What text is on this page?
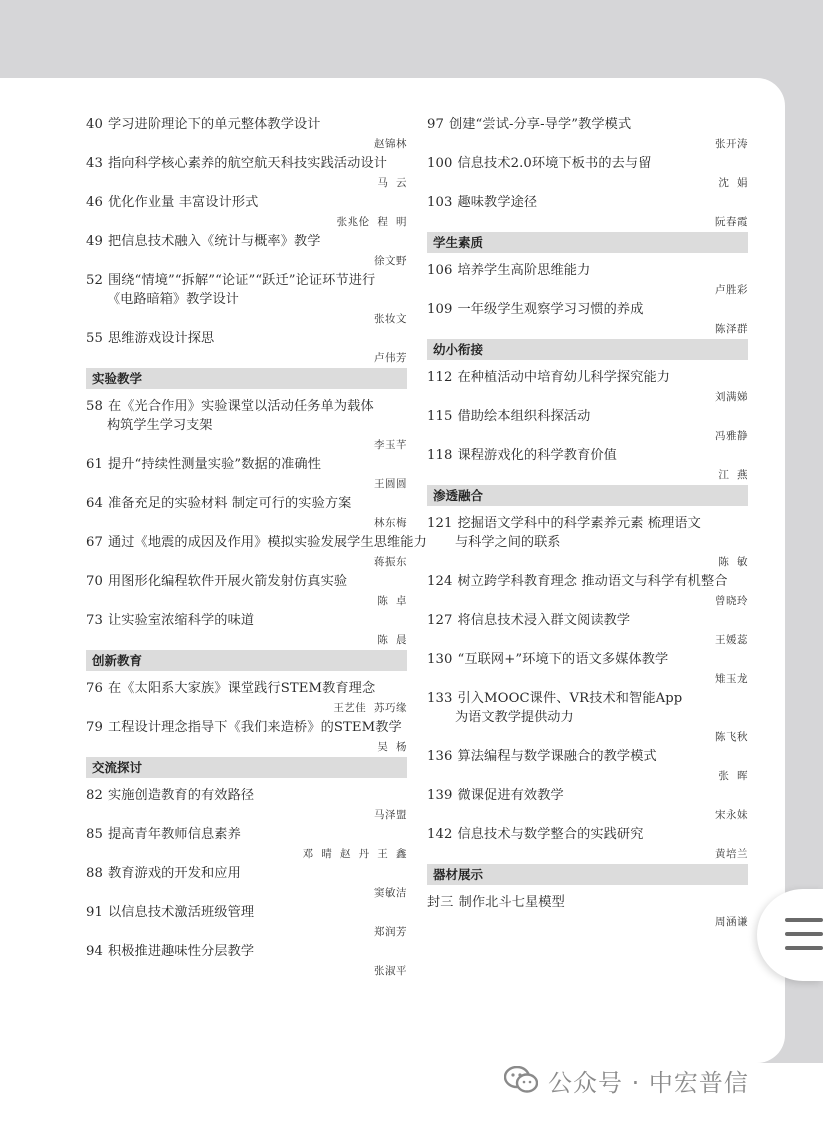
40 学习进阶理论下的单元整体教学设计
赵锦林
43 指向科学核心素养的航空航天科技实践活动设计
马  云
46 优化作业量 丰富设计形式
张兆伦  程  明
49 把信息技术融入《统计与概率》教学
徐文野
52 围绕“情境”“拆解”“论证”“跃迁”论证环节进行
《电路暗箱》教学设计
张妆文
55 思维游戏设计探思
卢伟芳
实验教学
58 在《光合作用》实验课堂以活动任务单为载体
构筑学生学习支架
李玉芊
61 提升“持续性测量实验”数据的准确性
王圆圆
64 准备充足的实验材料 制定可行的实验方案
林东梅
67 通过《地震的成因及作用》模拟实验发展学生思维能力
蒋振东
70 用图形化编程软件开展火箭发射仿真实验
陈  卓
73 让实验室浓缩科学的味道
陈  晨
创新教育
76 在《太阳系大家族》课堂践行STEM教育理念
王艺佳  苏巧缘
79 工程设计理念指导下《我们来造桥》的STEM教学
吴  杨
交流探讨
82 实施创造教育的有效路径
马泽盟
85 提高青年教师信息素养
邓  晴  赵  丹  王  鑫
88 教育游戏的开发和应用
窦敏洁
91 以信息技术激活班级管理
郑润芳
94 积极推进趣味性分层教学
张淑平
97 创建“尝试-分享-导学”教学模式
张开涛
100 信息技术2.0环境下板书的去与留
沈  娟
103 趣味教学途径
阮春霞
学生素质
106 培养学生高阶思维能力
卢胜彩
109 一年级学生观察学习习惯的养成
陈泽群
幼小衔接
112 在种植活动中培育幼儿科学探究能力
刘满娣
115 借助绘本组织科探活动
冯雅静
118 课程游戏化的科学教育价值
江  燕
渗透融合
121 挖掘语文学科中的科学素养元素 梳理语文
与科学之间的联系
陈  敏
124 树立跨学科教育理念 推动语文与科学有机整合
曾晓玲
127 将信息技术浸入群文阅读教学
王媛蕊
130 “互联网+”环境下的语文多媒体教学
雉玉龙
133 引入MOOC课件、VR技术和智能App
为语文教学提供动力
陈飞秋
136 算法编程与数学课融合的教学模式
张  晖
139 微课促进有效教学
宋永妹
142 信息技术与数学整合的实践研究
黄培兰
器材展示
封三 制作北斗七星模型
周涵谦
公众号 · 中宏普信
